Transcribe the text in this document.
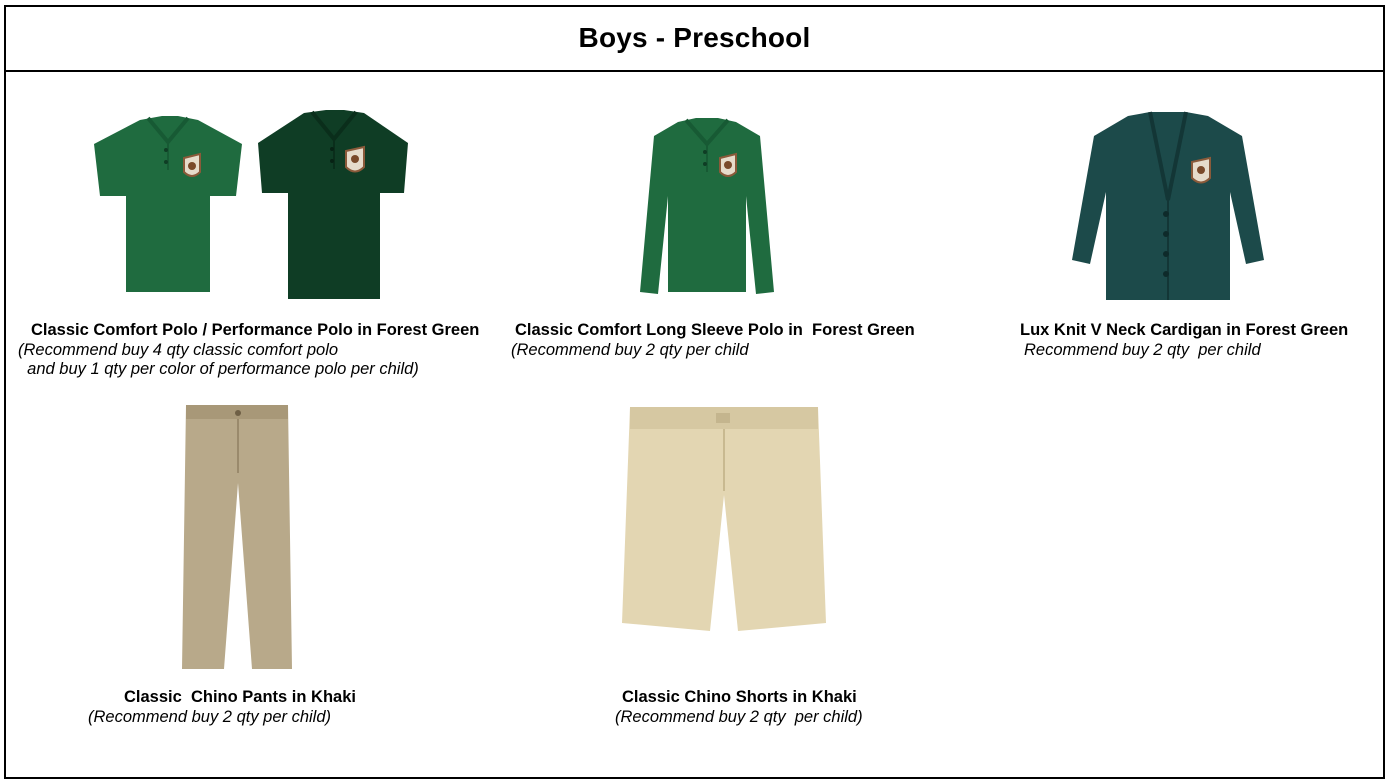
Boys - Preschool
Classic Comfort Polo / Performance Polo in Forest Green
(Recommend buy 4 qty classic comfort polo
and buy 1 qty per color of performance polo per child)
Classic Comfort Long Sleeve Polo in  Forest Green
(Recommend buy 2 qty per child
Lux Knit V Neck Cardigan in Forest Green
Recommend buy 2 qty  per child
Classic  Chino Pants in Khaki
(Recommend buy 2 qty per child)
Classic Chino Shorts in Khaki
(Recommend buy 2 qty  per child)
